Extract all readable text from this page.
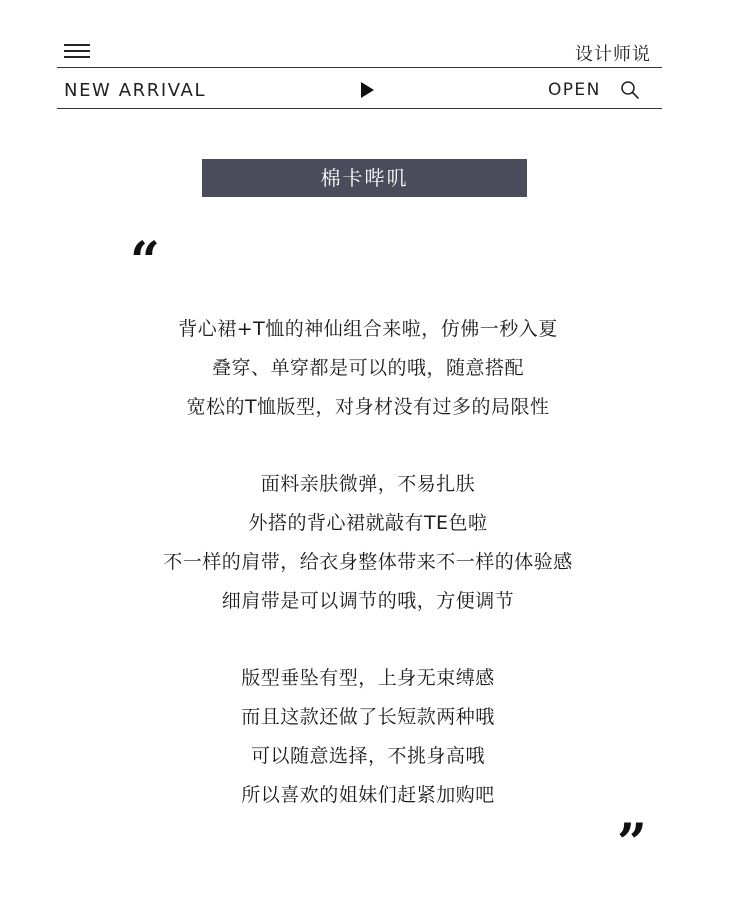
设计师说
NEW ARRIVAL	OPEN
棉卡哔叽
“
背心裙+T恤的神仙组合来啦，仿佛一秒入夏
叠穿、单穿都是可以的哦，随意搭配
宽松的T恤版型，对身材没有过多的局限性
面料亲肤微弹，不易扎肤
外搭的背心裙就敲有TE色啦
不一样的肩带，给衣身整体带来不一样的体验感
细肩带是可以调节的哦，方便调节
版型垂坠有型，上身无束缚感
而且这款还做了长短款两种哦
可以随意选择，不挑身高哦
所以喜欢的姐妹们赶紧加购吧
”
